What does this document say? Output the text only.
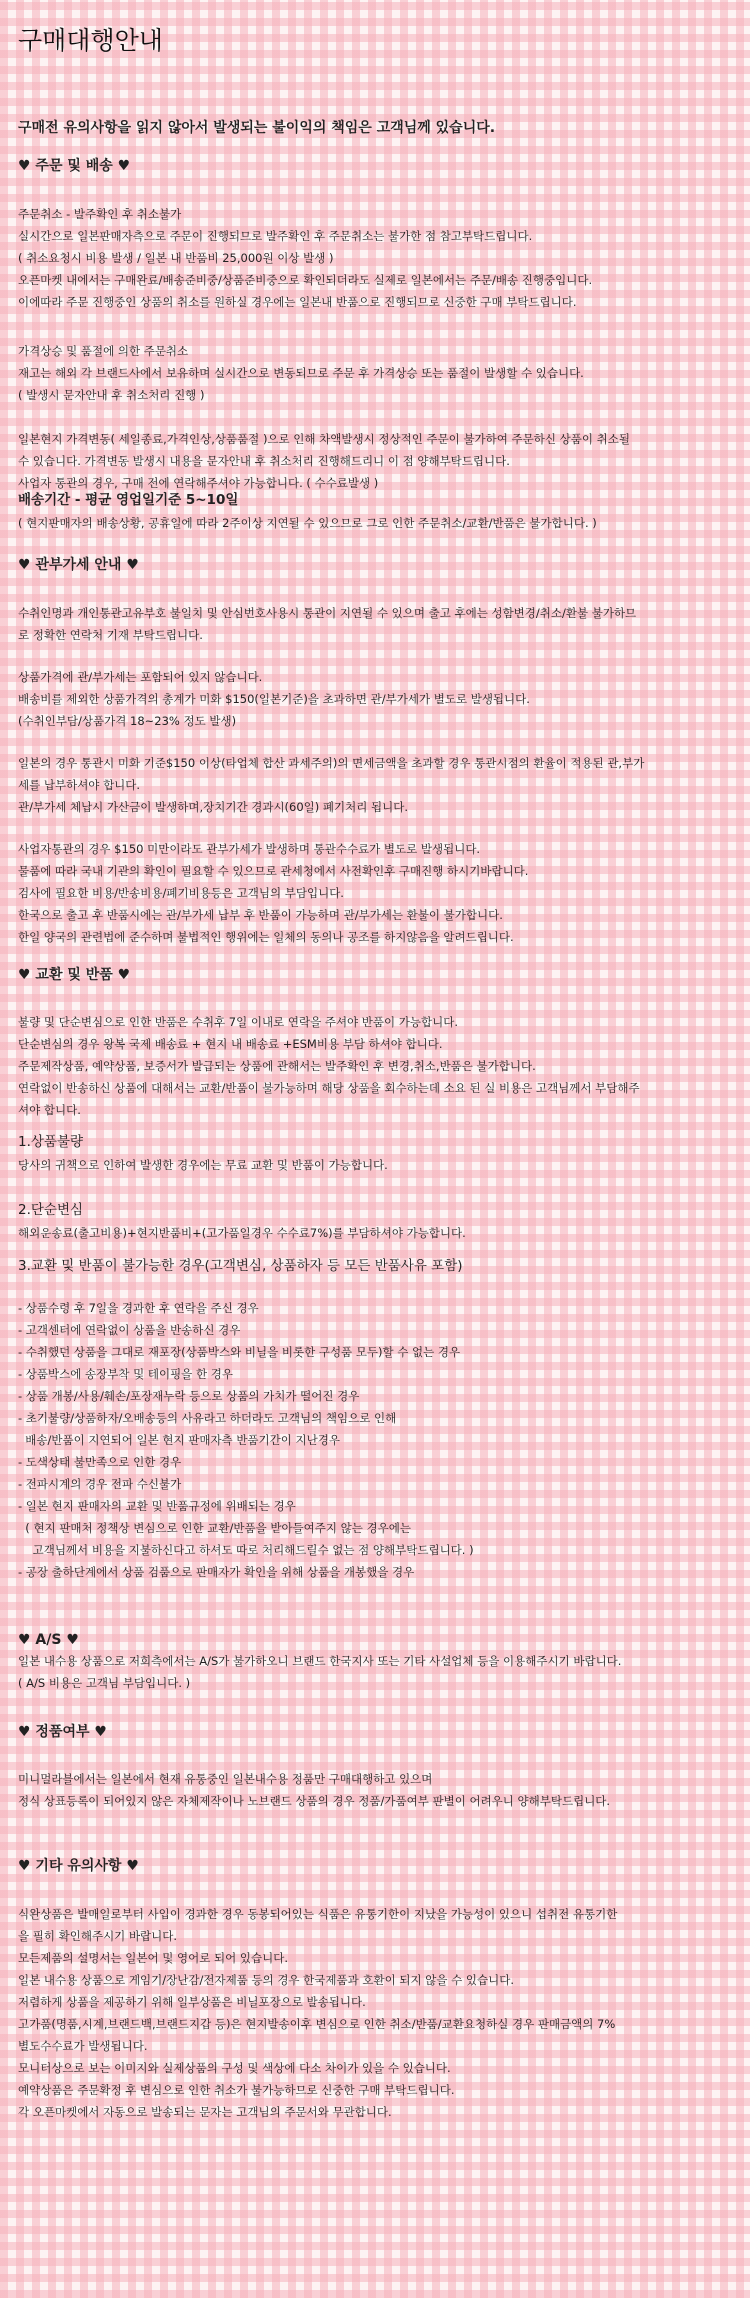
구매대행안내
구매전 유의사항을 읽지 않아서 발생되는 불이익의 책임은 고객님께 있습니다.
♥ 주문 및 배송 ♥
주문취소 - 발주확인 후 취소불가
실시간으로 일본판매자측으로 주문이 진행되므로 발주확인 후 주문취소는 불가한 점 참고부탁드립니다.
( 취소요청시 비용 발생 / 일본 내 반품비 25,000원 이상 발생 )
오픈마켓 내에서는 구매완료/배송준비중/상품준비중으로 확인되더라도 실제로 일본에서는 주문/배송 진행중입니다.
이에따라 주문 진행중인 상품의 취소를 원하실 경우에는 일본내 반품으로 진행되므로 신중한 구매 부탁드립니다.
가격상승 및 품절에 의한 주문취소
재고는 해외 각 브랜드사에서 보유하며 실시간으로 변동되므로 주문 후 가격상승 또는 품절이 발생할 수 있습니다.
( 발생시 문자안내 후 취소처리 진행 )
일본현지 가격변동( 세일종료,가격인상,상품품절 )으로 인해 차액발생시 정상적인 주문이 불가하여 주문하신 상품이 취소될
수 있습니다. 가격변동 발생시 내용을 문자안내 후 취소처리 진행해드리니 이 점 양해부탁드립니다.
사업자 통관의 경우, 구매 전에 연락해주셔야 가능합니다. ( 수수료발생 )
배송기간 - 평균 영업일기준 5~10일
( 현지판매자의 배송상황, 공휴일에 따라 2주이상 지연될 수 있으므로 그로 인한 주문취소/교환/반품은 불가합니다. )
♥ 관부가세 안내 ♥
수취인명과 개인통관고유부호 불일치 및 안심번호사용시 통관이 지연될 수 있으며 출고 후에는 성함변경/취소/환불 불가하므
로 정확한 연락처 기재 부탁드립니다.
상품가격에 관/부가세는 포함되어 있지 않습니다.
배송비를 제외한 상품가격의 총계가 미화 $150(일본기준)을 초과하면 관/부가세가 별도로 발생됩니다.
(수취인부담/상품가격 18~23% 정도 발생)
일본의 경우 통관시 미화 기준$150 이상(타업체 합산 과세주의)의 면세금액을 초과할 경우 통관시점의 환율이 적용된 관,부가
세를 납부하셔야 합니다.
관/부가세 체납시 가산금이 발생하며,장치기간 경과시(60일) 폐기처리 됩니다.
사업자통관의 경우 $150 미만이라도 관부가세가 발생하며 통관수수료가 별도로 발생됩니다.
물품에 따라 국내 기관의 확인이 필요할 수 있으므로 관세청에서 사전확인후 구매진행 하시기바랍니다.
검사에 필요한 비용/반송비용/폐기비용등은 고객님의 부담입니다.
한국으로 출고 후 반품시에는 관/부가세 납부 후 반품이 가능하며 관/부가세는 환불이 불가합니다.
한일 양국의 관련법에 준수하며 불법적인 행위에는 일체의 동의나 공조를 하지않음을 알려드립니다.
♥ 교환 및 반품 ♥
불량 및 단순변심으로 인한 반품은 수취후 7일 이내로 연락을 주셔야 반품이 가능합니다.
단순변심의 경우 왕복 국제 배송료 + 현지 내 배송료 +ESM비용 부담 하셔야 합니다.
주문제작상품, 예약상품, 보증서가 발급되는 상품에 관해서는 발주확인 후 변경,취소,반품은 불가합니다.
연락없이 반송하신 상품에 대해서는 교환/반품이 불가능하며 해당 상품을 회수하는데 소요 된 실 비용은 고객님께서 부담해주
셔야 합니다.
1.상품불량
당사의 귀책으로 인하여 발생한 경우에는 무료 교환 및 반품이 가능합니다.
2.단순변심
해외운송료(출고비용)+현지반품비+(고가품일경우 수수료7%)를 부담하셔야 가능합니다.
3.교환 및 반품이 불가능한 경우(고객변심, 상품하자 등 모든 반품사유 포함)
- 상품수령 후 7일을 경과한 후 연락을 주신 경우
- 고객센터에 연락없이 상품을 반송하신 경우
- 수취했던 상품을 그대로 재포장(상품박스와 비닐을 비롯한 구성품 모두)할 수 없는 경우
- 상품박스에 송장부착 및 테이핑을 한 경우
- 상품 개봉/사용/훼손/포장재누락 등으로 상품의 가치가 떨어진 경우
- 초기불량/상품하자/오배송등의 사유라고 하더라도 고객님의 책임으로 인해
배송/반품이 지연되어 일본 현지 판매자측 반품기간이 지난경우
- 도색상태 불만족으로 인한 경우
- 전파시계의 경우 전파 수신불가
- 일본 현지 판매자의 교환 및 반품규정에 위배되는 경우
( 현지 판매처 정책상 변심으로 인한 교환/반품을 받아들여주지 않는 경우에는
고객님께서 비용을 지불하신다고 하셔도 따로 처리해드릴수 없는 점 양해부탁드립니다. )
- 공장 출하단계에서 상품 검품으로 판매자가 확인을 위해 상품을 개봉했을 경우
♥ A/S ♥
일본 내수용 상품으로 저희측에서는 A/S가 불가하오니 브랜드 한국지사 또는 기타 사설업체 등을 이용해주시기 바랍니다.
( A/S 비용은 고객님 부담입니다. )
♥ 정품여부 ♥
미니멀라블에서는 일본에서 현재 유통중인 일본내수용 정품만 구매대행하고 있으며
정식 상표등록이 되어있지 않은 자체제작이나 노브랜드 상품의 경우 정품/가품여부 판별이 어려우니 양해부탁드립니다.
♥ 기타 유의사항 ♥
식완상품은 발매일로부터 사입이 경과한 경우 동봉되어있는 식품은 유통기한이 지났을 가능성이 있으니 섭취전 유통기한
을 필히 확인해주시기 바랍니다.
모든제품의 설명서는 일본어 및 영어로 되어 있습니다.
일본 내수용 상품으로 게임기/장난감/전자제품 등의 경우 한국제품과 호환이 되지 않을 수 있습니다.
저렴하게 상품을 제공하기 위해 일부상품은 비닐포장으로 발송됩니다.
고가품(명품,시계,브랜드백,브랜드지갑 등)은 현지발송이후 변심으로 인한 취소/반품/교환요청하실 경우 판매금액의 7%
별도수수료가 발생됩니다.
모니터상으로 보는 이미지와 실제상품의 구성 및 색상에 다소 차이가 있을 수 있습니다.
예약상품은 주문확정 후 변심으로 인한 취소가 불가능하므로 신중한 구매 부탁드립니다.
각 오픈마켓에서 자동으로 발송되는 문자는 고객님의 주문서와 무관합니다.
